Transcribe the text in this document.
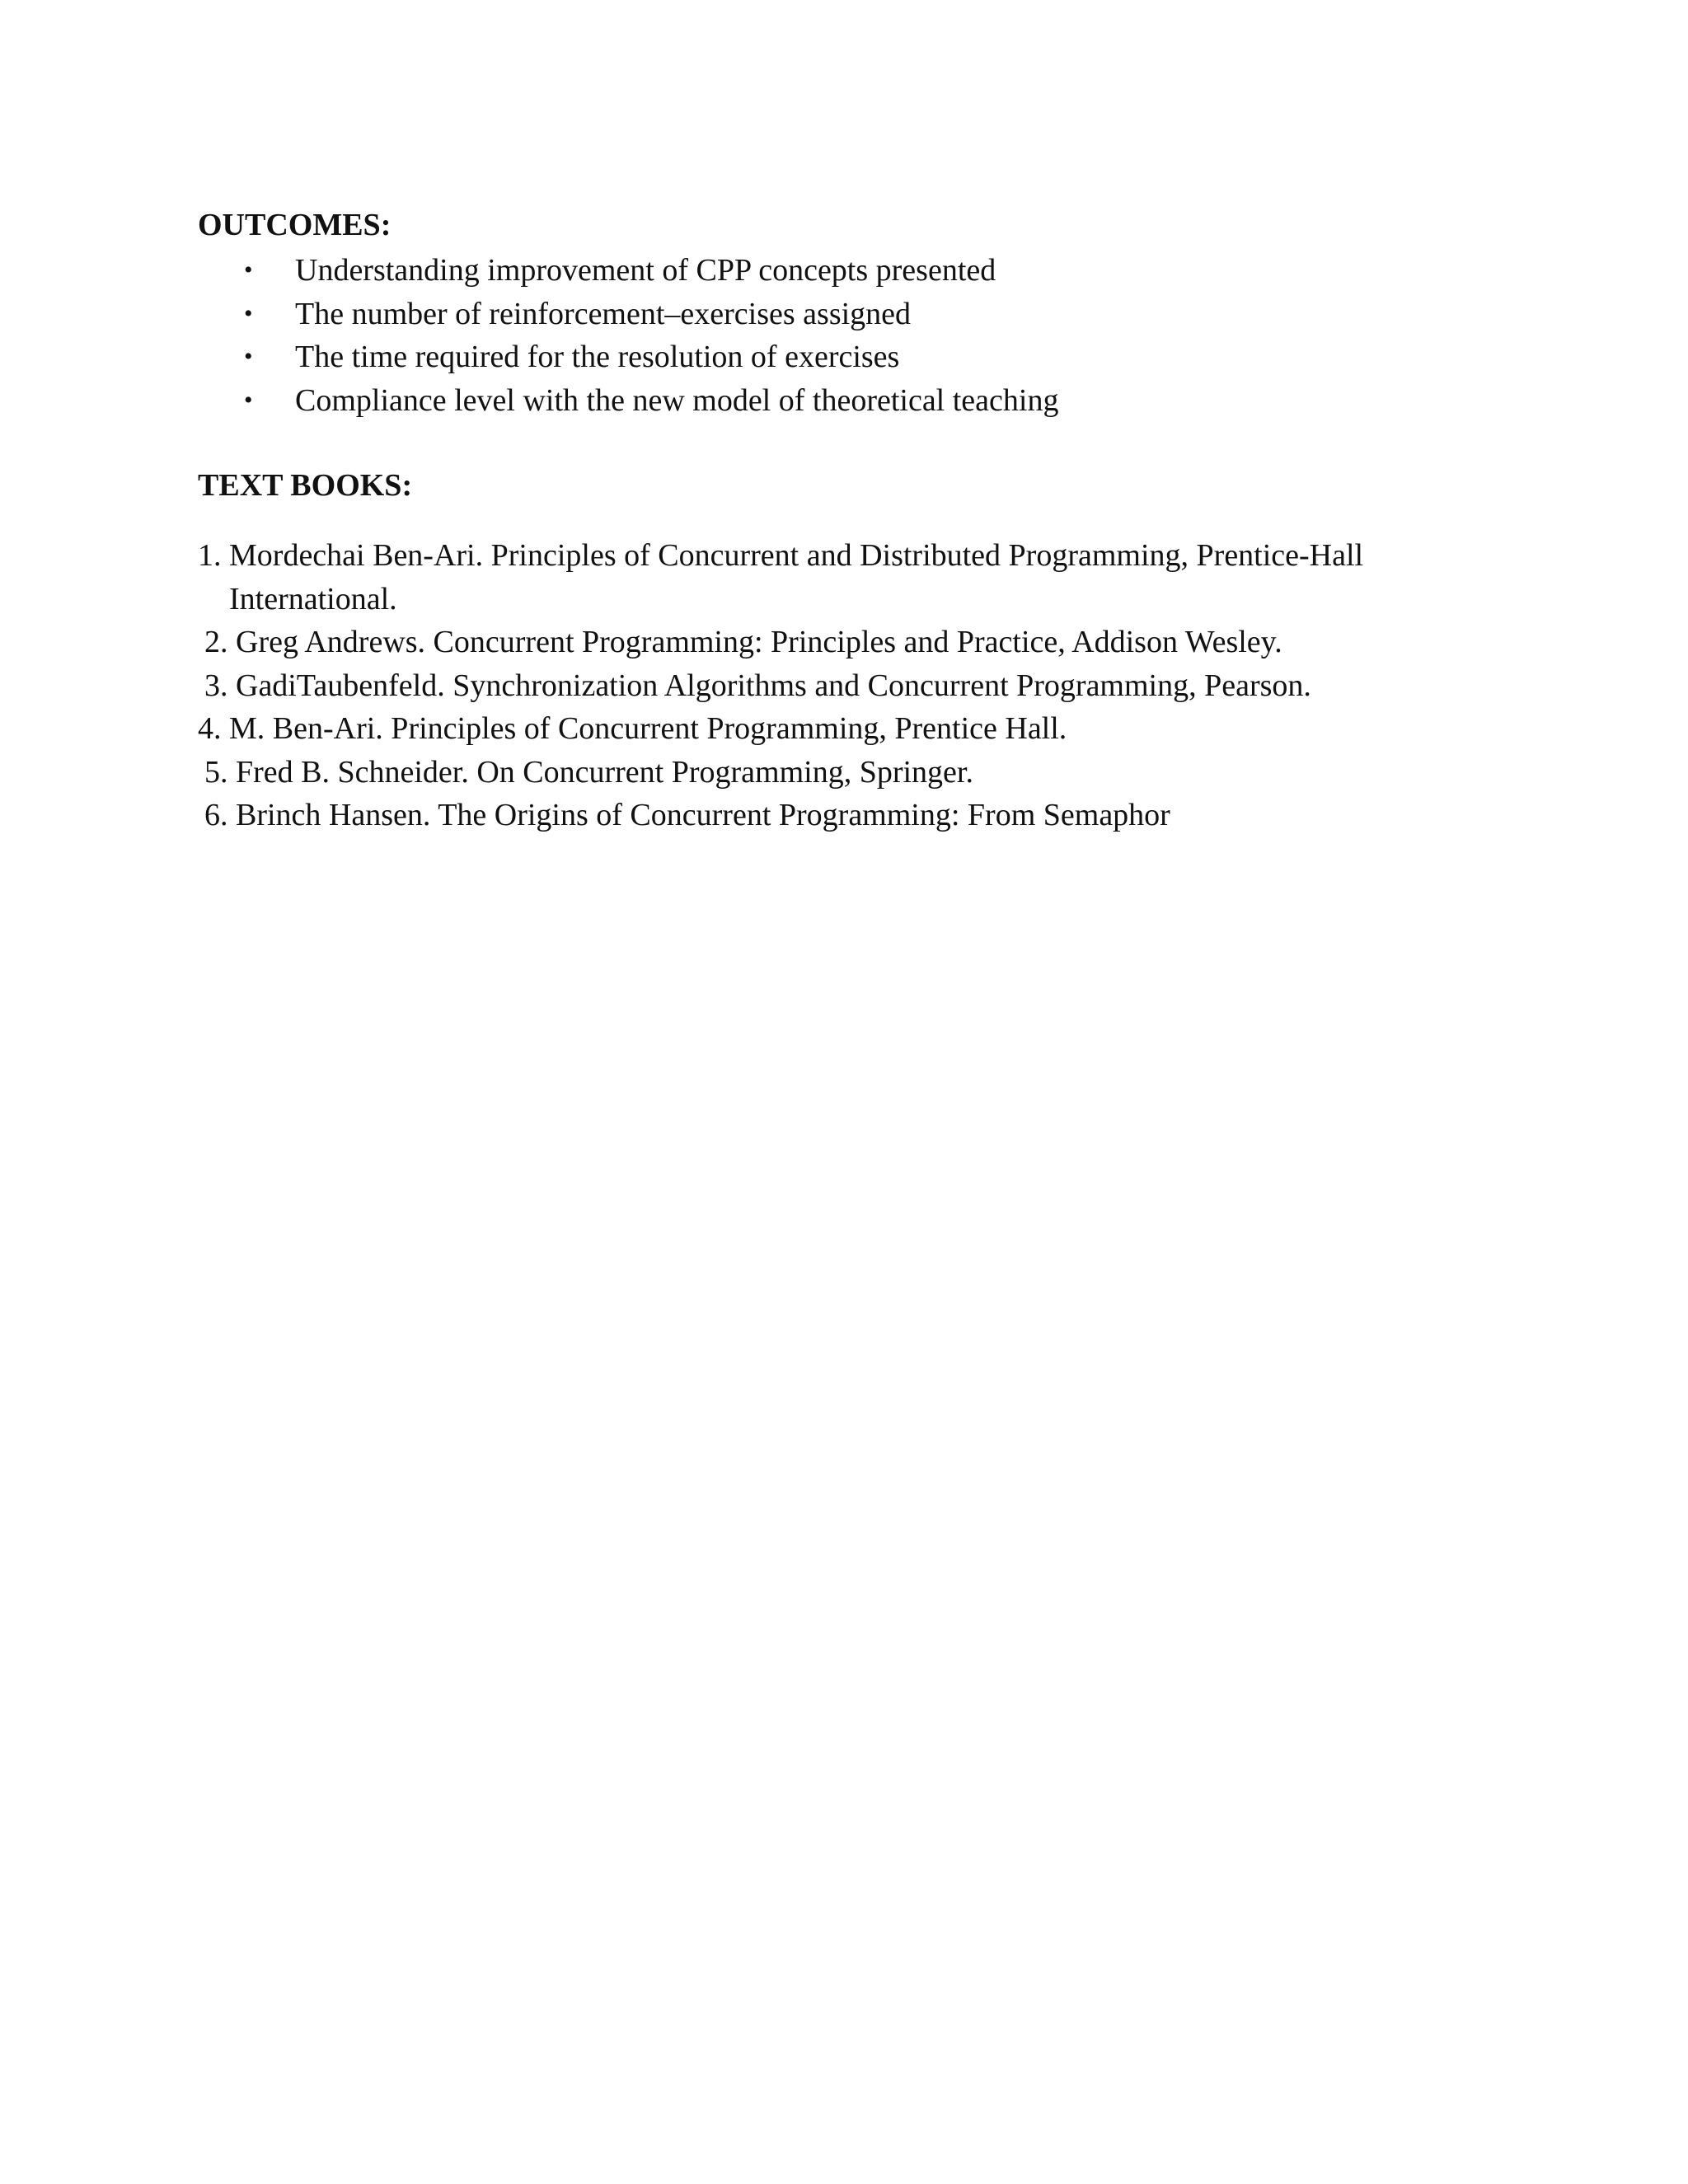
OUTCOMES:
• Understanding improvement of CPP concepts presented
• The number of reinforcement–exercises assigned
• The time required for the resolution of exercises
• Compliance level with the new model of theoretical teaching
TEXT BOOKS:
1. Mordechai Ben-Ari. Principles of Concurrent and Distributed Programming, Prentice-Hall
International.
2. Greg Andrews. Concurrent Programming: Principles and Practice, Addison Wesley.
3. GadiTaubenfeld. Synchronization Algorithms and Concurrent Programming, Pearson.
4. M. Ben-Ari. Principles of Concurrent Programming, Prentice Hall.
5. Fred B. Schneider. On Concurrent Programming, Springer.
6. Brinch Hansen. The Origins of Concurrent Programming: From Semaphor
